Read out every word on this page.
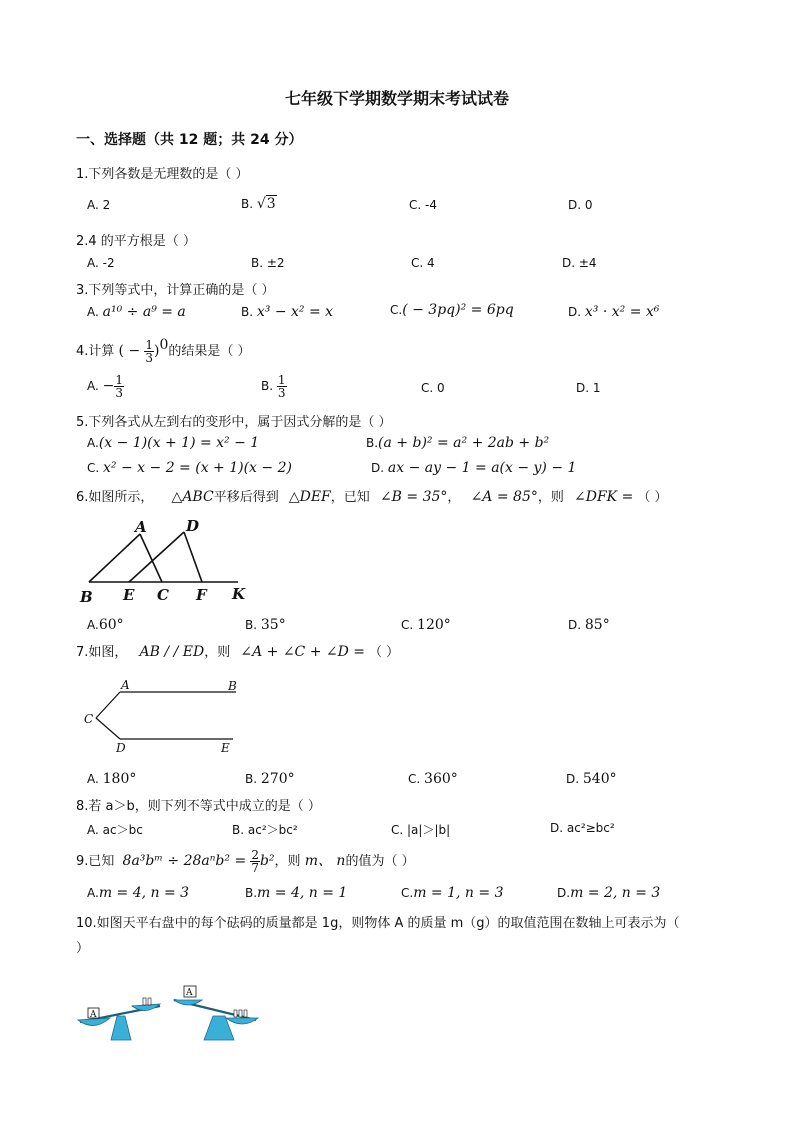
七年级下学期数学期末考试试卷
一、选择题（共 12 题；共 24 分）
1.下列各数是无理数的是（ ）
A. 2	B. √3	C. -4	D. 0
2.4 的平方根是（ ）
A. -2	B. ±2	C. 4	D. ±4
3.下列等式中，计算正确的是（ ）
A. a¹⁰ ÷ a⁹ = a	B. x³ − x² = x	C.( − 3pq)² = 6pq	D. x³ · x² = x⁶
4.计算 ( − $\frac{1}{3} )^0$的结果是（ ）
A. − $\frac{1}{3}$	B. $\frac{1}{3}$	C. 0	D. 1
5.下列各式从左到右的变形中，属于因式分解的是（ ）
A.(x − 1)(x + 1) = x² − 1	B.(a + b)² = a² + 2ab + b²
C. x² − x − 2 = (x + 1)(x − 2)	D. ax − ay − 1 = a(x − y) − 1
6.如图所示， △ABC平移后得到 △DEF，已知 ∠B = 35°， ∠A = 85°，则 ∠DFK = （ ）
A	D
B E C F K
A.60°	B. 35°	C. 120°	D. 85°
7.如图， AB / / ED，则 ∠A + ∠C + ∠D = （ ）
A	B
C
D	E
A. 180°	B. 270°	C. 360°	D. 540°
8.若 a＞b，则下列不等式中成立的是（ ）
A. ac＞bc	B. ac²＞bc²	C. |a|＞|b|	D. ac²≥bc²
9.已知 8a³bᵐ ÷ $28a^nb^2 = \frac{2}{7} b^2$，则 m、 n的值为（ ）
A.m = 4, n = 3	B.m = 4, n = 1	C.m = 1, n = 3	D.m = 2, n = 3
10.如图天平右盘中的每个砝码的质量都是 1g，则物体 A 的质量 m（g）的取值范围在数轴上可表示为（
）
A
A
